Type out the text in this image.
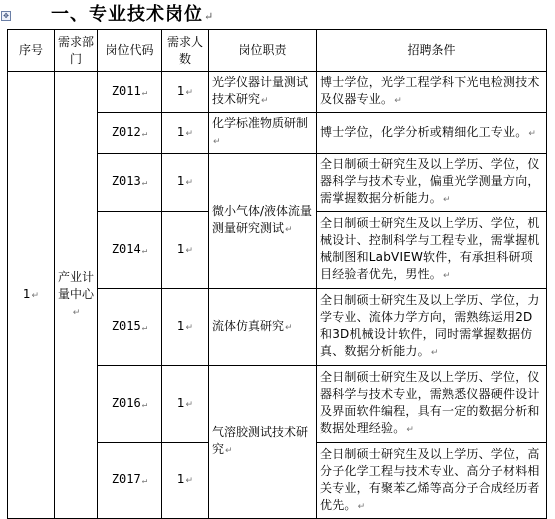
✥ 一、专业技术岗位↵
序号	需求部门	岗位代码	需求人数	岗位职责	招聘条件
1↵	产业计量中心↵	Z011↵	1↵	光学仪器计量测试技术研究↵	博士学位，光学工程学科下光电检测技术及仪器专业。↵
		Z012↵	1↵	化学标准物质研制↵	博士学位，化学分析或精细化工专业。↵
		Z013↵	1↵	微小气体/液体流量测量研究测试↵	全日制硕士研究生及以上学历、学位，仪器科学与技术专业，偏重光学测量方向，需掌握数据分析能力。↵
		Z014↵	1↵		全日制硕士研究生及以上学历、学位，机械设计、控制科学与工程专业，需掌握机械制图和LabVIEW软件，有承担科研项目经验者优先，男性。↵
		Z015↵	1↵	流体仿真研究↵	全日制硕士研究生及以上学历、学位，力学专业、流体力学方向，需熟练运用2D和3D机械设计软件，同时需掌握数据仿真、数据分析能力。↵
		Z016↵	1↵	气溶胶测试技术研究↵	全日制硕士研究生及以上学历、学位，仪器科学与技术专业，需熟悉仪器硬件设计及界面软件编程，具有一定的数据分析和数据处理经验。↵
		Z017↵	1↵		全日制硕士研究生及以上学历、学位，高分子化学工程与技术专业、高分子材料相关专业，有聚苯乙烯等高分子合成经历者优先。↵
